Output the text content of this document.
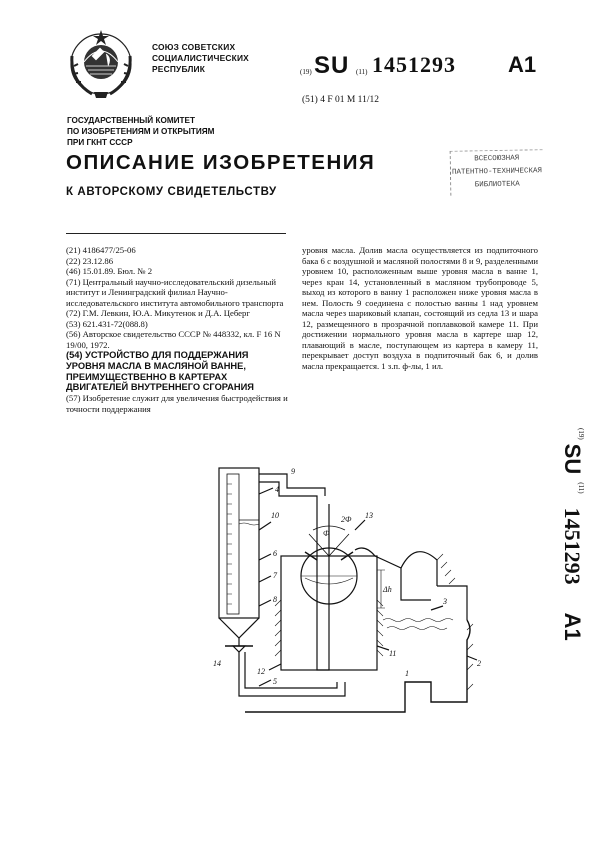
СОЮЗ СОВЕТСКИХ
СОЦИАЛИСТИЧЕСКИХ
РЕСПУБЛИК	(19) SU (11) 1451293 A1
(51) 4 F 01 M 11/12
ГОСУДАРСТВЕННЫЙ КОМИТЕТ
ПО ИЗОБРЕТЕНИЯМ И ОТКРЫТИЯМ
ПРИ ГКНТ СССР
ОПИСАНИЕ ИЗОБРЕТЕНИЯ
К АВТОРСКОМУ СВИДЕТЕЛЬСТВУ
ВСЕСОЮЗНАЯ
ПАТЕНТНО-ТЕХНИЧЕСКАЯ
БИБЛИОТЕКА

(21) 4186477/25-06

(22) 23.12.86

(46) 15.01.89. Бюл. № 2

(71) Центральный научно-исследовательский дизельный институт и Ленинградский филиал Научно-исследовательского института автомобильного транспорта

(72) Г.М. Левкин, Ю.А. Микутенок и Д.А. Цеберг

(53) 621.431-72(088.8)

(56) Авторское свидетельство СССР № 448332, кл. F 16 N 19/00, 1972.

(54) УСТРОЙСТВО ДЛЯ ПОДДЕРЖАНИЯ УРОВНЯ МАСЛА В МАСЛЯНОЙ ВАННЕ, ПРЕИМУЩЕСТВЕННО В КАРТЕРАХ ДВИГАТЕЛЕЙ ВНУТРЕННЕГО СГОРАНИЯ

(57) Изобретение служит для увеличения быстродействия и точности поддержания

уровня масла. Долив масла осуществляется из подпиточного бака 6 с воздушной и масляной полостями 8 и 9, разделенными уровнем 10, расположенным выше уровня масла в ванне 1, через кран 14, установленный в масляном трубопроводе 5, выход из которого в ванну 1 расположен ниже уровня масла в нем. Полость 9 соединена с полостью ванны 1 над уровнем масла через шариковый клапан, состоящий из седла 13 и шара 12, размещенного в прозрачной поплавковой камере 11. При достижении нормального уровня масла в картере шар 12, плавающий в масле, поступающем из картера в камеру 11, перекрывает доступ воздуха в подпиточный бак 6, и долив масла прекращается. 1 з.п. ф-лы, 1 ил.
$^{(19)}$ SU $^{(11)}$ 1451293 A1
9
4
10
6
7
8
13
12
11
2
3
14
5
1
2Ф
Ф
Δh
